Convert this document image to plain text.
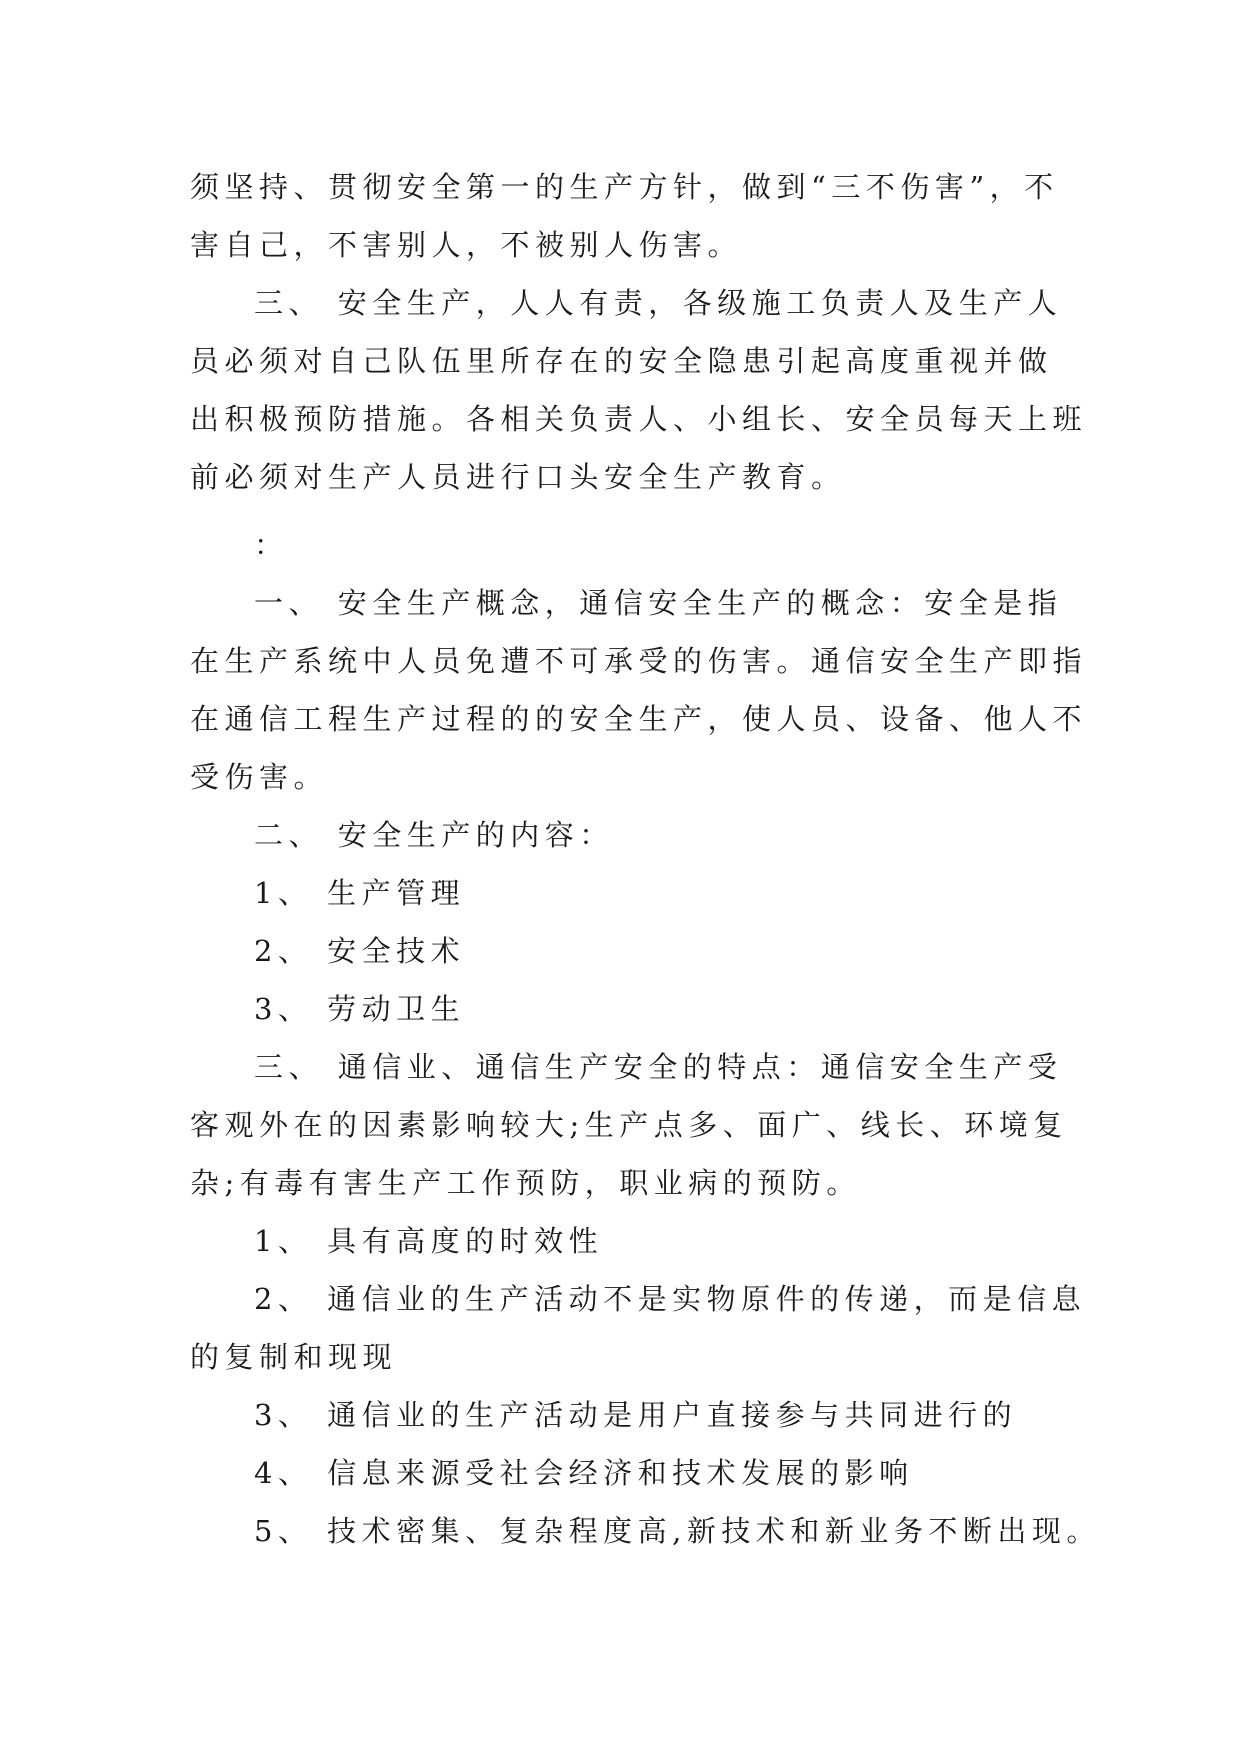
须坚持、贯彻安全第一的生产方针，做到“三不伤害”，不
害自己，不害别人，不被别人伤害。
三、 安全生产，人人有责，各级施工负责人及生产人
员必须对自己队伍里所存在的安全隐患引起高度重视并做
出积极预防措施。各相关负责人、小组长、安全员每天上班
前必须对生产人员进行口头安全生产教育。
：
一、 安全生产概念，通信安全生产的概念：安全是指
在生产系统中人员免遭不可承受的伤害。通信安全生产即指
在通信工程生产过程的的安全生产，使人员、设备、他人不
受伤害。
二、 安全生产的内容：
1、 生产管理
2、 安全技术
3、 劳动卫生
三、 通信业、通信生产安全的特点：通信安全生产受
客观外在的因素影响较大;生产点多、面广、线长、环境复
杂;有毒有害生产工作预防，职业病的预防。
1、 具有高度的时效性
2、 通信业的生产活动不是实物原件的传递，而是信息
的复制和现现
3、 通信业的生产活动是用户直接参与共同进行的
4、 信息来源受社会经济和技术发展的影响
5、 技术密集、复杂程度高,新技术和新业务不断出现。
